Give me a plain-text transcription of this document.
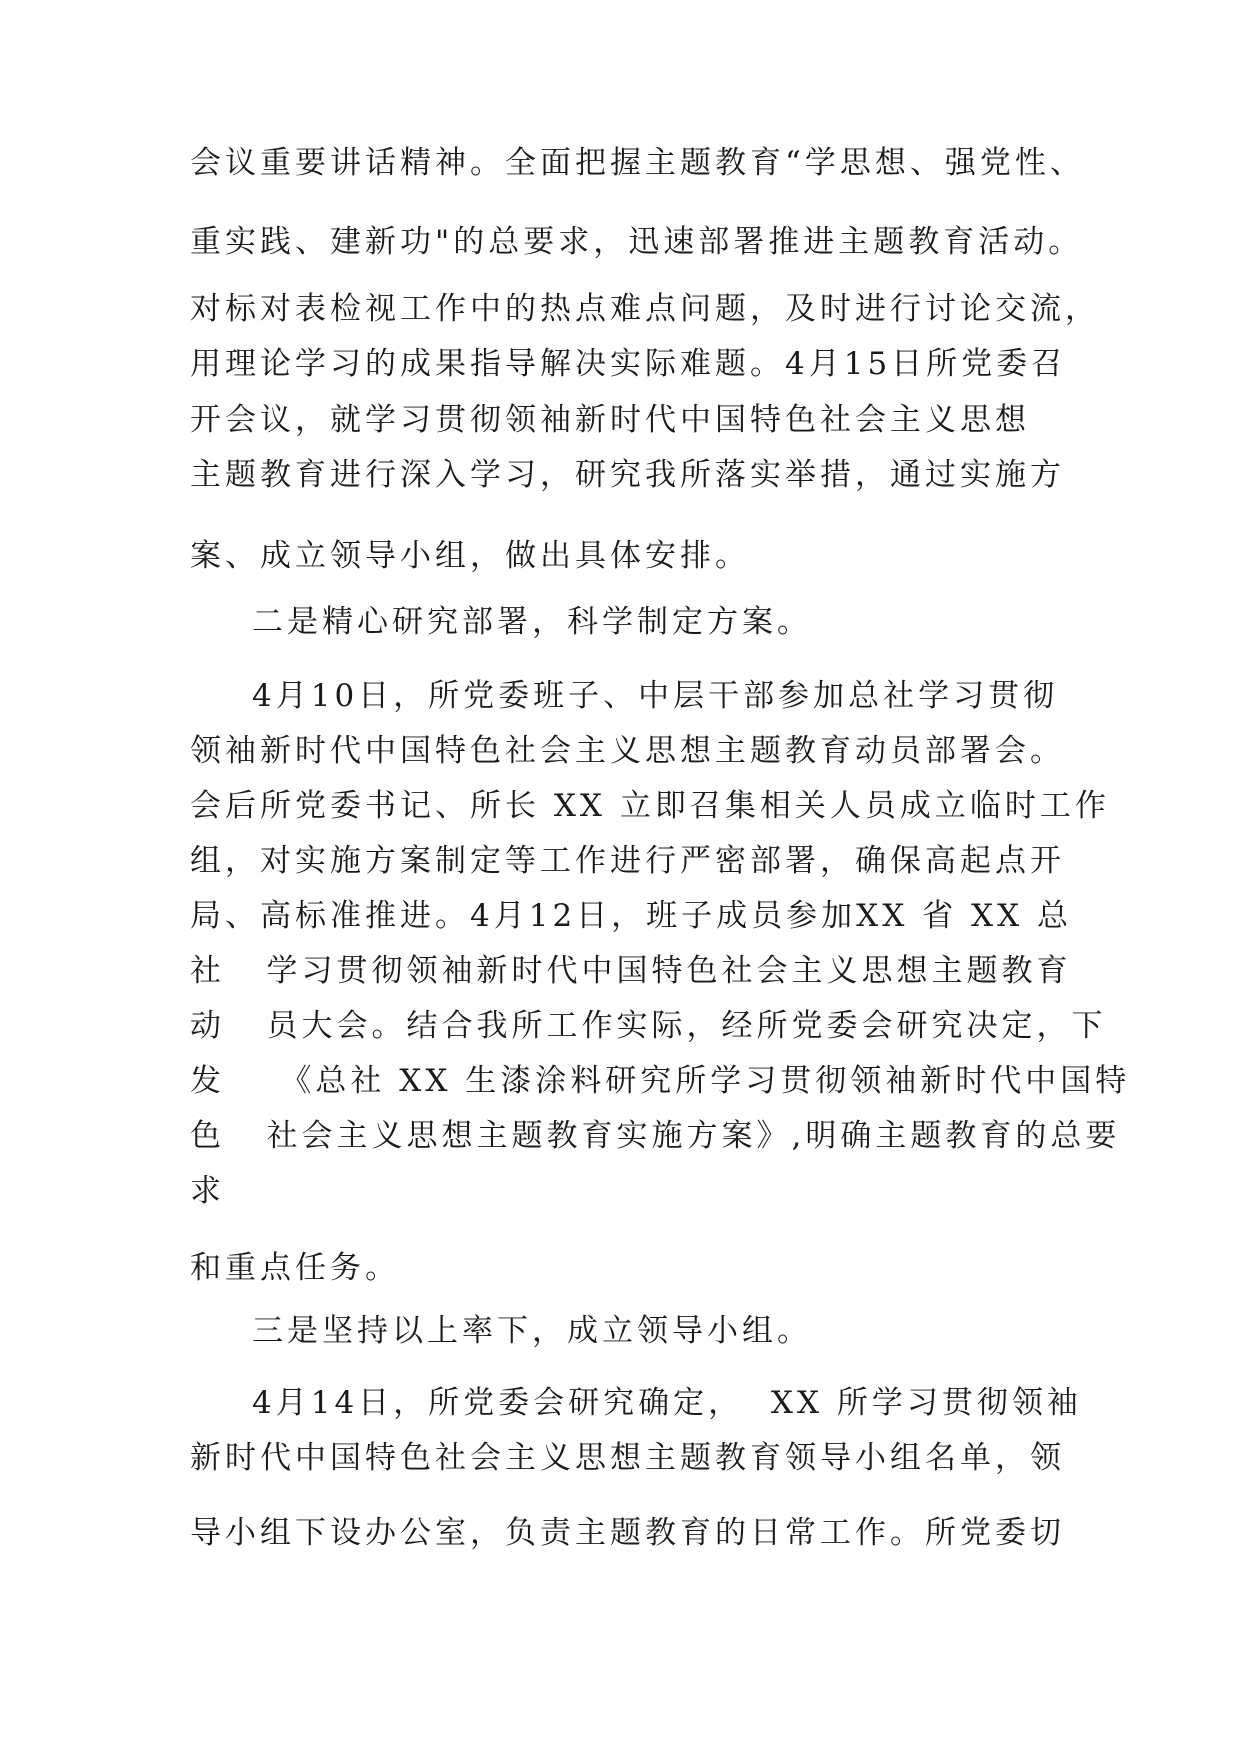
会议重要讲话精神。全面把握主题教育“学思想、强党性、
重实践、建新功"的总要求，迅速部署推进主题教育活动。
对标对表检视工作中的热点难点问题，及时进行讨论交流，
用理论学习的成果指导解决实际难题。4月15日所党委召
开会议，就学习贯彻领袖新时代中国特色社会主义思想
主题教育进行深入学习，研究我所落实举措，通过实施方
案、成立领导小组，做出具体安排。
二是精心研究部署，科学制定方案。
4月10日，所党委班子、中层干部参加总社学习贯彻
领袖新时代中国特色社会主义思想主题教育动员部署会。
会后所党委书记、所长 XX 立即召集相关人员成立临时工作
组，对实施方案制定等工作进行严密部署，确保高起点开
局、高标准推进。4月12日，班子成员参加XX 省 XX 总
社   学习贯彻领袖新时代中国特色社会主义思想主题教育
动   员大会。结合我所工作实际，经所党委会研究决定，下
发    《总社 XX 生漆涂料研究所学习贯彻领袖新时代中国特
色   社会主义思想主题教育实施方案》,明确主题教育的总要
求
和重点任务。
三是坚持以上率下，成立领导小组。
4月14日，所党委会研究确定，  XX 所学习贯彻领袖
新时代中国特色社会主义思想主题教育领导小组名单，领
导小组下设办公室，负责主题教育的日常工作。所党委切
